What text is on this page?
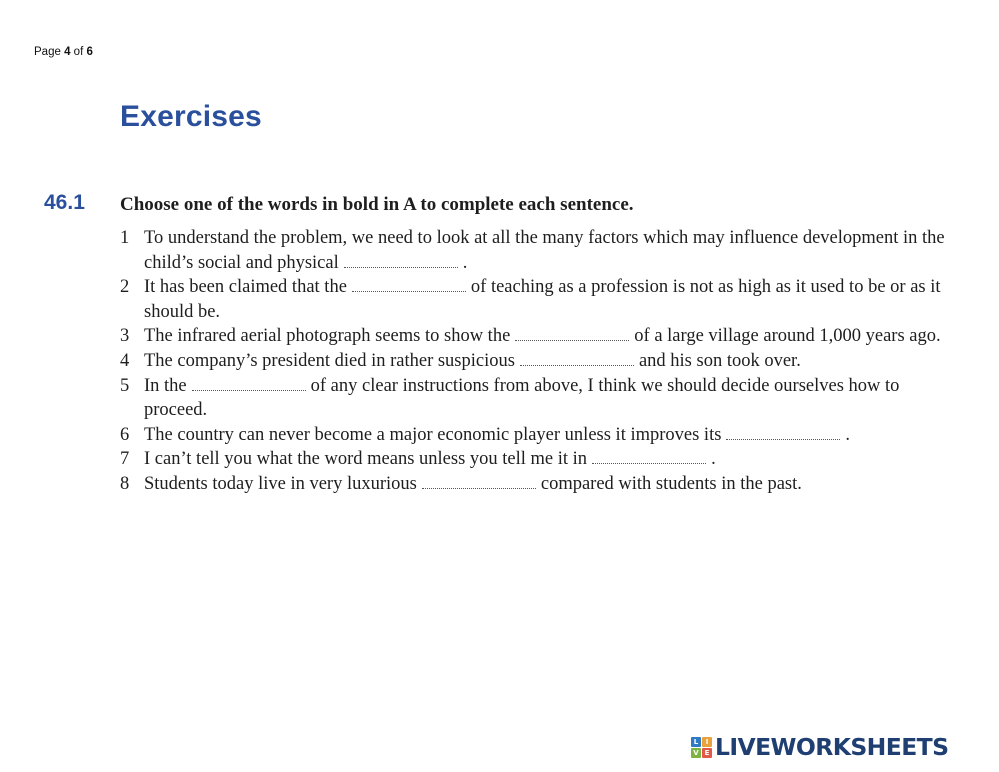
Page 4 of 6
Exercises
46.1 Choose one of the words in bold in A to complete each sentence.
1 To understand the problem, we need to look at all the many factors which may influence development in the child’s social and physical	.
2 It has been claimed that the	of teaching as a profession is not as high as it used to be or as it should be.
3 The infrared aerial photograph seems to show the	of a large village around 1,000 years ago.
4 The company’s president died in rather suspicious	and his son took over.
5 In the	of any clear instructions from above, I think we should decide ourselves how to proceed.
6 The country can never become a major economic player unless it improves its	.
7 I can’t tell you what the word means unless you tell me it in	.
8 Students today live in very luxurious	compared with students in the past.
L	I
V E LIVEWORKSHEETS
